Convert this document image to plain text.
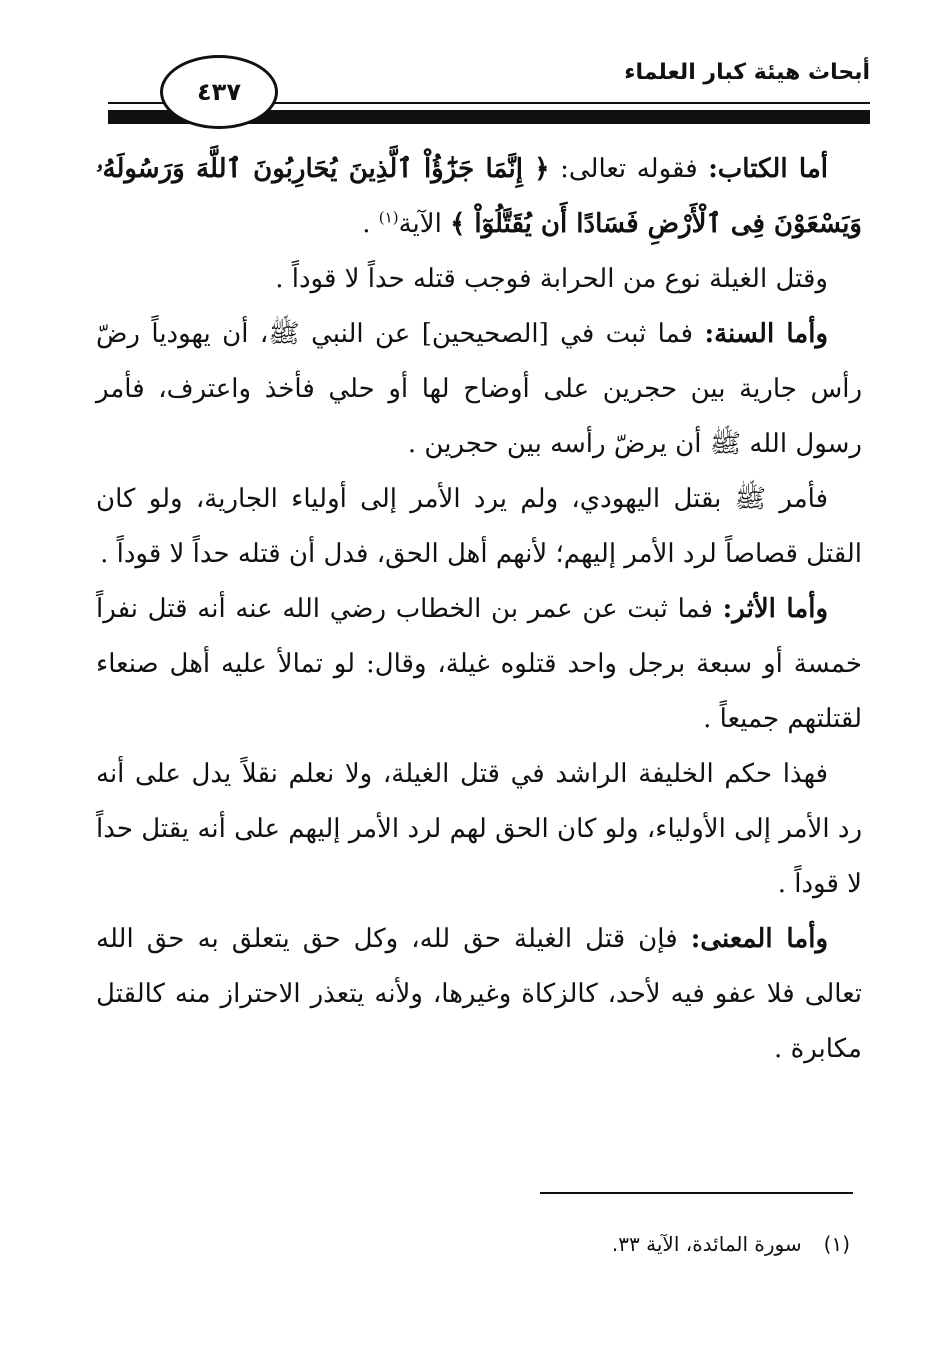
أبحاث هيئة كبار العلماء
٤٣٧

أما الكتاب: فقوله تعالى: ﴿ إِنَّمَا جَزَٰٓؤُاْ ٱلَّذِينَ يُحَارِبُونَ ٱللَّهَ وَرَسُولَهُۥ وَيَسْعَوْنَ فِى ٱلْأَرْضِ فَسَادًا أَن يُقَتَّلُوٓاْ ﴾ الآية$^{(١)}$ .

وقتل الغيلة نوع من الحرابة فوجب قتله حداً لا قوداً .

وأما السنة: فما ثبت في [الصحيحين] عن النبي ﷺ، أن يهودياً رضّ رأس جارية بين حجرين على أوضاح لها أو حلي فأخذ واعترف، فأمر رسول الله ﷺ أن يرضّ رأسه بين حجرين .

فأمر ﷺ بقتل اليهودي، ولم يرد الأمر إلى أولياء الجارية، ولو كان القتل قصاصاً لرد الأمر إليهم؛ لأنهم أهل الحق، فدل أن قتله حداً لا قوداً .

وأما الأثر: فما ثبت عن عمر بن الخطاب رضي الله عنه أنه قتل نفراً خمسة أو سبعة برجل واحد قتلوه غيلة، وقال: لو تمالأ عليه أهل صنعاء لقتلتهم جميعاً .

فهذا حكم الخليفة الراشد في قتل الغيلة، ولا نعلم نقلاً يدل على أنه رد الأمر إلى الأولياء، ولو كان الحق لهم لرد الأمر إليهم على أنه يقتل حداً لا قوداً .

وأما المعنى: فإن قتل الغيلة حق لله، وكل حق يتعلق به حق الله تعالى فلا عفو فيه لأحد، كالزكاة وغيرها، ولأنه يتعذر الاحتراز منه كالقتل مكابرة .

(١)سورة المائدة، الآية ٣٣.
